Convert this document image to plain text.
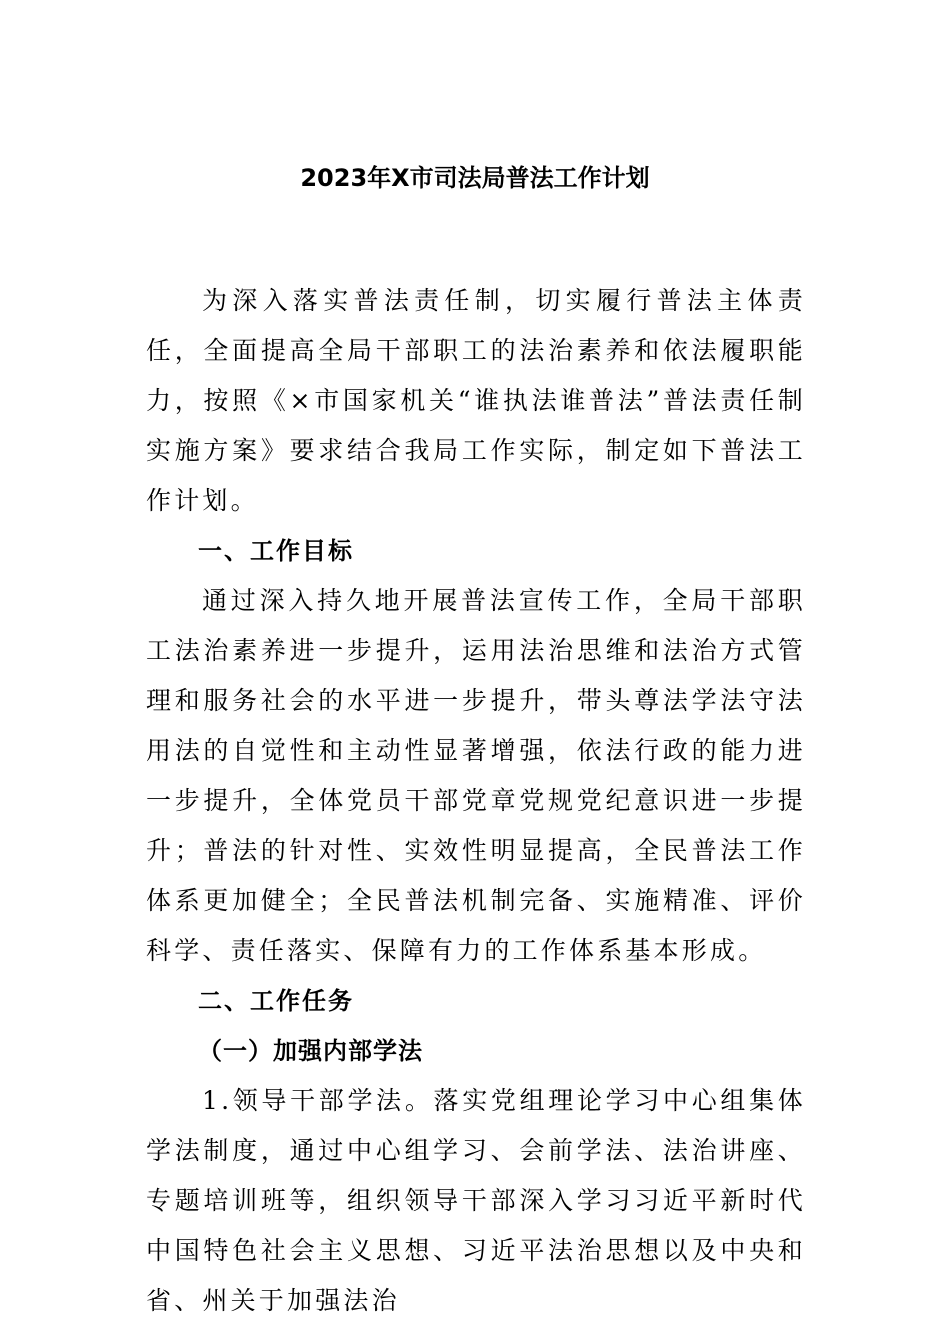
2023年X市司法局普法工作计划

为深入落实普法责任制，切实履行普法主体责任，全面提高全局干部职工的法治素养和依法履职能力，按照《×市国家机关“谁执法谁普法”普法责任制实施方案》要求结合我局工作实际，制定如下普法工作计划。

一、工作目标

通过深入持久地开展普法宣传工作，全局干部职工法治素养进一步提升，运用法治思维和法治方式管理和服务社会的水平进一步提升，带头尊法学法守法用法的自觉性和主动性显著增强，依法行政的能力进一步提升，全体党员干部党章党规党纪意识进一步提升；普法的针对性、实效性明显提高，全民普法工作体系更加健全；全民普法机制完备、实施精准、评价科学、责任落实、保障有力的工作体系基本形成。

二、工作任务

（一）加强内部学法

1.领导干部学法。落实党组理论学习中心组集体学法制度，通过中心组学习、会前学法、法治讲座、专题培训班等，组织领导干部深入学习习近平新时代中国特色社会主义思想、习近平法治思想以及中央和省、州关于加强法治
